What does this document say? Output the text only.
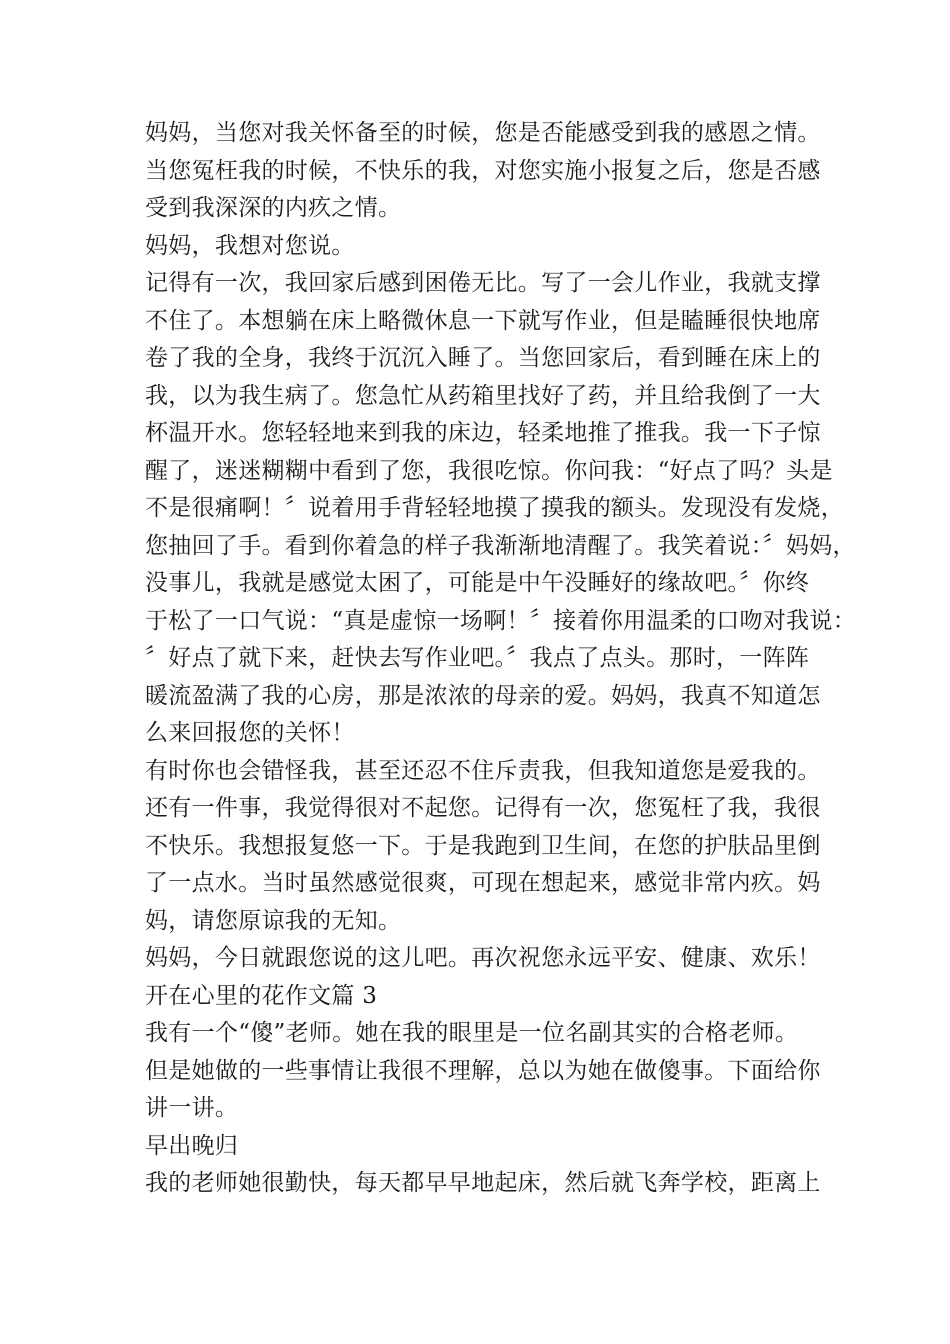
妈妈，当您对我关怀备至的时候，您是否能感受到我的感恩之情。
当您冤枉我的时候，不快乐的我，对您实施小报复之后，您是否感
受到我深深的内疚之情。
妈妈，我想对您说。
记得有一次，我回家后感到困倦无比。写了一会儿作业，我就支撑
不住了。本想躺在床上略微休息一下就写作业，但是瞌睡很快地席
卷了我的全身，我终于沉沉入睡了。当您回家后，看到睡在床上的
我，以为我生病了。您急忙从药箱里找好了药，并且给我倒了一大
杯温开水。您轻轻地来到我的床边，轻柔地推了推我。我一下子惊
醒了，迷迷糊糊中看到了您，我很吃惊。你问我：“好点了吗？头是
不是很痛啊！〞说着用手背轻轻地摸了摸我的额头。发现没有发烧，
您抽回了手。看到你着急的样子我渐渐地清醒了。我笑着说：〞妈妈，
没事儿，我就是感觉太困了，可能是中午没睡好的缘故吧。〞你终
于松了一口气说：“真是虚惊一场啊！〞接着你用温柔的口吻对我说：
〞好点了就下来，赶快去写作业吧。〞我点了点头。那时，一阵阵
暖流盈满了我的心房，那是浓浓的母亲的爱。妈妈，我真不知道怎
么来回报您的关怀！
有时你也会错怪我，甚至还忍不住斥责我，但我知道您是爱我的。
还有一件事，我觉得很对不起您。记得有一次，您冤枉了我，我很
不快乐。我想报复悠一下。于是我跑到卫生间，在您的护肤品里倒
了一点水。当时虽然感觉很爽，可现在想起来，感觉非常内疚。妈
妈，请您原谅我的无知。
妈妈，今日就跟您说的这儿吧。再次祝您永远平安、健康、欢乐！
开在心里的花作文篇 3
我有一个“傻”老师。她在我的眼里是一位名副其实的合格老师。
但是她做的一些事情让我很不理解，总以为她在做傻事。下面给你
讲一讲。
早出晚归
我的老师她很勤快，每天都早早地起床，然后就飞奔学校，距离上
